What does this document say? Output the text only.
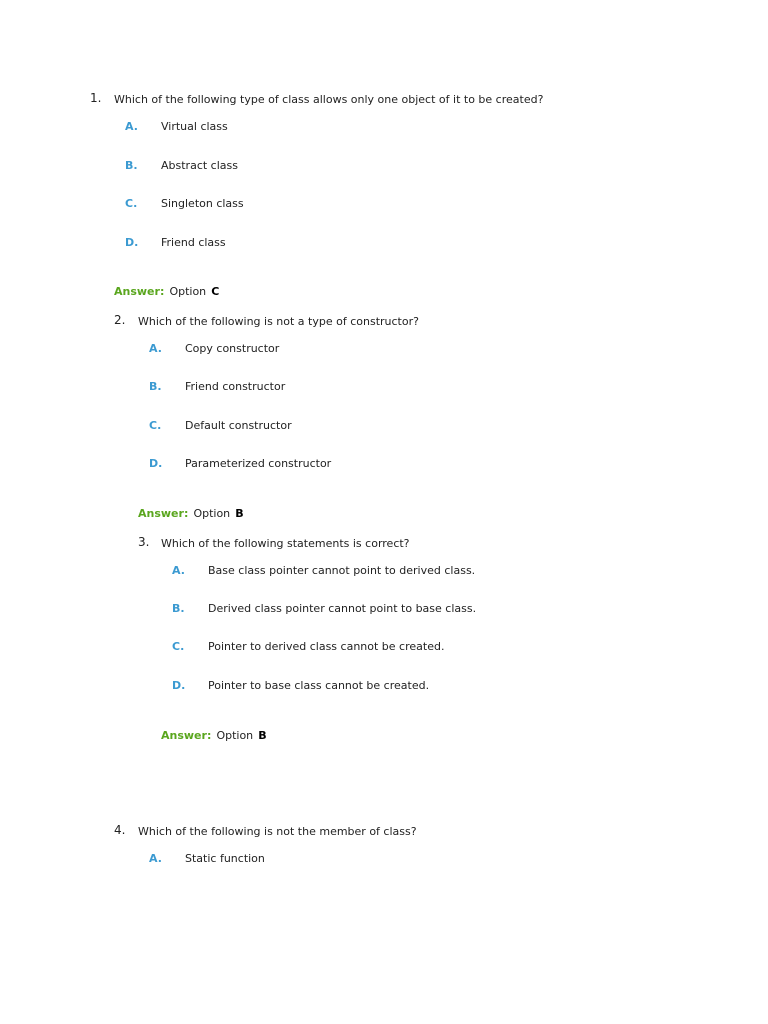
1. Which of the following type of class allows only one object of it to be created?
A. Virtual class
B. Abstract class
C. Singleton class
D. Friend class
Answer: Option C
2. Which of the following is not a type of constructor?
A. Copy constructor
B. Friend constructor
C. Default constructor
D. Parameterized constructor
Answer: Option B
3. Which of the following statements is correct?
A. Base class pointer cannot point to derived class.
B. Derived class pointer cannot point to base class.
C. Pointer to derived class cannot be created.
D. Pointer to base class cannot be created.
Answer: Option B
4. Which of the following is not the member of class?
A. Static function
